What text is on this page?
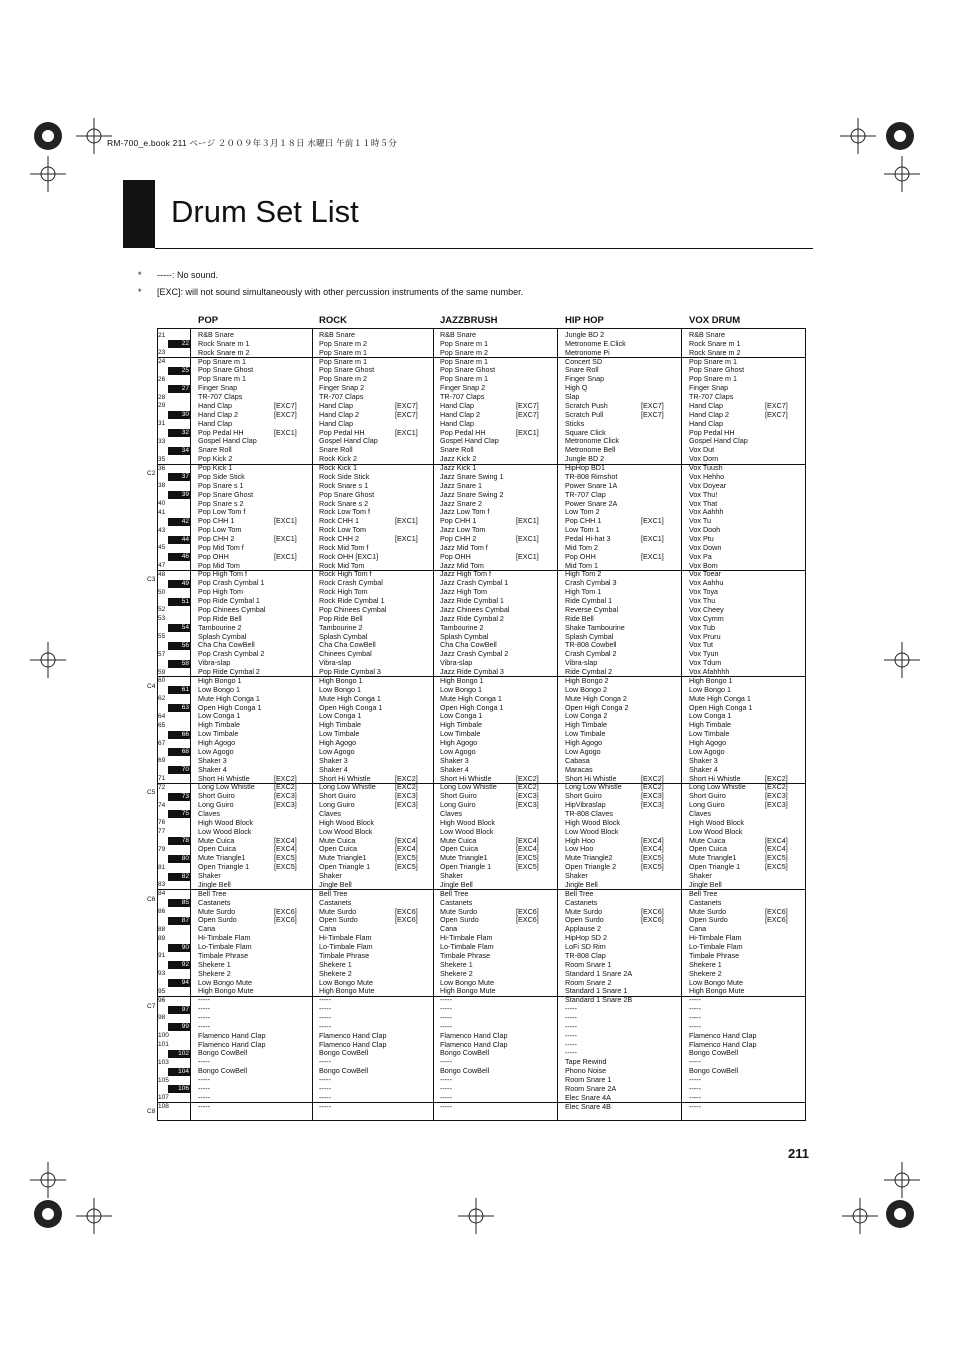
RM-700_e.book 211 ページ ２００９年３月１８日 水曜日 午前１１時５分
Drum Set List
* -----: No sound.
* [EXC]: will not sound simultaneously with other percussion instruments of the same number.
POP	ROCK	JAZZBRUSH	HIP HOP	VOX DRUM
21	R&B Snare	R&B Snare	R&B Snare	Jungle BD 2	R&B Snare
22 Rock Snare m 1	Pop Snare m 2	Pop Snare m 1	Metronome E.Click	Rock Snare m 1
23	Rock Snare m 2	Pop Snare m 1	Pop Snare m 2	Metronome Pi	Rock Snare m 2
24	Pop Snare m 1	Pop Snare m 1	Pop Snare m 1	Concert SD	Pop Snare m 1
25 Pop Snare Ghost	Pop Snare Ghost	Pop Snare Ghost	Snare Roll	Pop Snare Ghost
26	Pop Snare m 1	Pop Snare m 2	Pop Snare m 1	Finger Snap	Pop Snare m 1
27 Finger Snap	Finger Snap 2	Finger Snap 2	High Q	Finger Snap
28	TR-707 Claps	TR-707 Claps	TR-707 Claps	Slap	TR-707 Claps
29	Hand Clap	[EXC7]	Hand Clap	[EXC7]	Hand Clap	[EXC7]	Scratch Push	[EXC7]	Hand Clap	[EXC7]
30 Hand Clap 2	[EXC7]	Hand Clap 2	[EXC7]	Hand Clap 2	[EXC7]	Scratch Pull	[EXC7]	Hand Clap 2	[EXC7]
31	Hand Clap	Hand Clap	Hand Clap	Sticks	Hand Clap
32 Pop Pedal HH	[EXC1]	Pop Pedal HH	[EXC1]	Pop Pedal HH	[EXC1]	Square Click	Pop Pedal HH
33	Gospel Hand Clap	Gospel Hand Clap	Gospel Hand Clap	Metronome Click	Gospel Hand Clap
34 Snare Roll	Snare Roll	Snare Roll	Metronome Bell	Vox Dut
35	Pop Kick 2	Rock Kick 2	Jazz Kick 2	Jungle BD 2	Vox Dom
36	Pop Kick 1	Rock Kick 1	Jazz Kick 1	HipHop BD1	Vox Tuush
C2	37 Pop Side Stick	Rock Side Stick	Jazz Snare Swing 1	TR-808 Rimshot	Vox Hehho
38	Pop Snare s 1	Rock Snare s 1	Jazz Snare 1	Power Snare 1A	Vox Doyear
39 Pop Snare Ghost	Pop Snare Ghost	Jazz Snare Swing 2	TR-707 Clap	Vox Thu!
40	Pop Snare s 2	Rock Snare s 2	Jazz Snare 2	Power Snare 2A	Vox That
41	Pop Low Tom f	Rock Low Tom f	Jazz Low Tom f	Low Tom 2	Vox Aahhh
42 Pop CHH 1	[EXC1]	Rock CHH 1	[EXC1]	Pop CHH 1	[EXC1]	Pop CHH 1	[EXC1]	Vox Tu
43	Pop Low Tom	Rock Low Tom	Jazz Low Tom	Low Tom 1	Vox Dooh
44 Pop CHH 2	[EXC1]	Rock CHH 2	[EXC1]	Pop CHH 2	[EXC1]	Pedal Hi-hat 3	[EXC1]	Vox Ptu
45	Pop Mid Tom f	Rock Mid Tom f	Jazz Mid Tom f	Mid Tom 2	Vox Down
46 Pop OHH	[EXC1]	Rock OHH [EXC1]	Pop OHH	[EXC1]	Pop OHH	[EXC1]	Vox Pa
47	Pop Mid Tom	Rock Mid Tom	Jazz Mid Tom	Mid Tom 1	Vox Bom
48	Pop High Tom f	Rock High Tom f	Jazz High Tom f	High Tom 2	Vox Toear
C3
49 Pop Crash Cymbal 1	Rock Crash Cymbal	Jazz Crash Cymbal 1	Crash Cymbal 3	Vox Aahhu
50	Pop High Tom	Rock High Tom	Jazz High Tom	High Tom 1	Vox Toya
51 Pop Ride Cymbal 1	Rock Ride Cymbal 1	Jazz Ride Cymbal 1	Ride Cymbal 1	Vox Thu
52	Pop Chinees Cymbal	Pop Chinees Cymbal	Jazz Chinees Cymbal	Reverse Cymbal	Vox Cheey
53	Pop Ride Bell	Pop Ride Bell	Jazz Ride Cymbal 2	Ride Bell	Vox Cymm
54 Tambourine 2	Tambourine 2	Tambourine 2	Shake Tambourine	Vox Tub
55	Splash Cymbal	Splash Cymbal	Splash Cymbal	Splash Cymbal	Vox Pruru
56 Cha Cha CowBell	Cha Cha CowBell	Cha Cha CowBell	TR-808 Cowbell	Vox Tut
57	Pop Crash Cymbal 2	Chinees Cymbal	Jazz Crash Cymbal 2	Crash Cymbal 2	Vox Tyun
58 Vibra-slap	Vibra-slap	Vibra-slap	Vibra-slap	Vox Tdum
59	Pop Ride Cymbal 2	Pop Ride Cymbal 3	Jazz Ride Cymbal 3	Ride Cymbal 2	Vox Afahhhh
60	High Bongo 1	High Bongo 1	High Bongo 1	High Bongo 2	High Bongo 1
C4	61 Low Bongo 1	Low Bongo 1	Low Bongo 1	Low Bongo 2	Low Bongo 1
62	Mute High Conga 1	Mute High Conga 1	Mute High Conga 1	Mute High Conga 2	Mute High Conga 1
63 Open High Conga 1	Open High Conga 1	Open High Conga 1	Open High Conga 2	Open High Conga 1
64	Low Conga 1	Low Conga 1	Low Conga 1	Low Conga 2	Low Conga 1
65	High Timbale	High Timbale	High Timbale	High Timbale	High Timbale
66 Low Timbale	Low Timbale	Low Timbale	Low Timbale	Low Timbale
67	High Agogo	High Agogo	High Agogo	High Agogo	High Agogo
68 Low Agogo	Low Agogo	Low Agogo	Low Agogo	Low Agogo
69	Shaker 3	Shaker 3	Shaker 3	Cabasa	Shaker 3
70 Shaker 4	Shaker 4	Shaker 4	Maracas	Shaker 4
71	Short Hi Whistle	[EXC2]	Short Hi Whistle	[EXC2]	Short Hi Whistle	[EXC2]	Short Hi Whistle	[EXC2]	Short Hi Whistle	[EXC2]
72	Long Low Whistle	[EXC2]	Long Low Whistle	[EXC2]	Long Low Whistle	[EXC2]	Long Low Whistle	[EXC2]	Long Low Whistle	[EXC2]
C5
73 Short Guiro	[EXC3]	Short Guiro	[EXC3]	Short Guiro	[EXC3]	Short Guiro	[EXC3]	Short Guiro	[EXC3]
74	Long Guiro	[EXC3]	Long Guiro	[EXC3]	Long Guiro	[EXC3]	HipVibraslap	[EXC3]	Long Guiro	[EXC3]
75 Claves	Claves	Claves	TR-808 Claves	Claves
76	High Wood Block	High Wood Block	High Wood Block	High Wood Block	High Wood Block
77	Low Wood Block	Low Wood Block	Low Wood Block	Low Wood Block	Low Wood Block
78 Mute Cuica	[EXC4]	Mute Cuica	[EXC4]	Mute Cuica	[EXC4]	High Hoo	[EXC4]	Mute Cuica	[EXC4]
79	Open Cuica	[EXC4]	Open Cuica	[EXC4]	Open Cuica	[EXC4]	Low Hoo	[EXC4]	Open Cuica	[EXC4]
80 Mute Triangle1	[EXC5]	Mute Triangle1	[EXC5]	Mute Triangle1	[EXC5]	Mute Triangle2	[EXC5]	Mute Triangle1	[EXC5]
81	Open Triangle 1	[EXC5]	Open Triangle 1	[EXC5]	Open Triangle 1	[EXC5]	Open Triangle 2	[EXC5]	Open Triangle 1	[EXC5]
82 Shaker	Shaker	Shaker	Shaker	Shaker
83	Jingle Bell	Jingle Bell	Jingle Bell	Jingle Bell	Jingle Bell
84	Bell Tree	Bell Tree	Bell Tree	Bell Tree	Bell Tree
C6	85 Castanets	Castanets	Castanets	Castanets	Castanets
86	Mute Surdo	[EXC6]	Mute Surdo	[EXC6]	Mute Surdo	[EXC6]	Mute Surdo	[EXC6]	Mute Surdo	[EXC6]
87 Open Surdo	[EXC6]	Open Surdo	[EXC6]	Open Surdo	[EXC6]	Open Surdo	[EXC6]	Open Surdo	[EXC6]
88	Cana	Cana	Cana	Applause 2	Cana
89	Hi-Timbale Flam	Hi-Timbale Flam	Hi-Timbale Flam	HipHop SD 2	Hi-Timbale Flam
90 Lo-Timbale Flam	Lo-Timbale Flam	Lo-Timbale Flam	LoFi SD Rim	Lo-Timbale Flam
91	Timbale Phrase	Timbale Phrase	Timbale Phrase	TR-808 Clap	Timbale Phrase
92 Shekere 1	Shekere 1	Shekere 1	Room Snare 1	Shekere 1
93	Shekere 2	Shekere 2	Shekere 2	Standard 1 Snare 2A	Shekere 2
94 Low Bongo Mute	Low Bongo Mute	Low Bongo Mute	Room Snare 2	Low Bongo Mute
95	High Bongo Mute	High Bongo Mute	High Bongo Mute	Standard 1 Snare 1	High Bongo Mute
96	-----	-----	-----	Standard 1 Snare 2B	-----
C7	97 -----	-----	-----	-----	-----
98	-----	-----	-----	-----	-----
99 -----	-----	-----	-----	-----
100	Flamenco Hand Clap	Flamenco Hand Clap	Flamenco Hand Clap	-----	Flamenco Hand Clap
101	Flamenco Hand Clap	Flamenco Hand Clap	Flamenco Hand Clap	-----	Flamenco Hand Clap
102 Bongo CowBell	Bongo CowBell	Bongo CowBell	-----	Bongo CowBell
103	-----	-----	-----	Tape Rewind	-----
104 Bongo CowBell	Bongo CowBell	Bongo CowBell	Phono Noise	Bongo CowBell
105	-----	-----	-----	Room Snare 1	-----
106 -----	-----	-----	Room Snare 2A	-----
107	-----	-----	-----	Elec Snare 4A	-----
108	-----	-----	-----	Elec Snare 4B	-----
C8
211
